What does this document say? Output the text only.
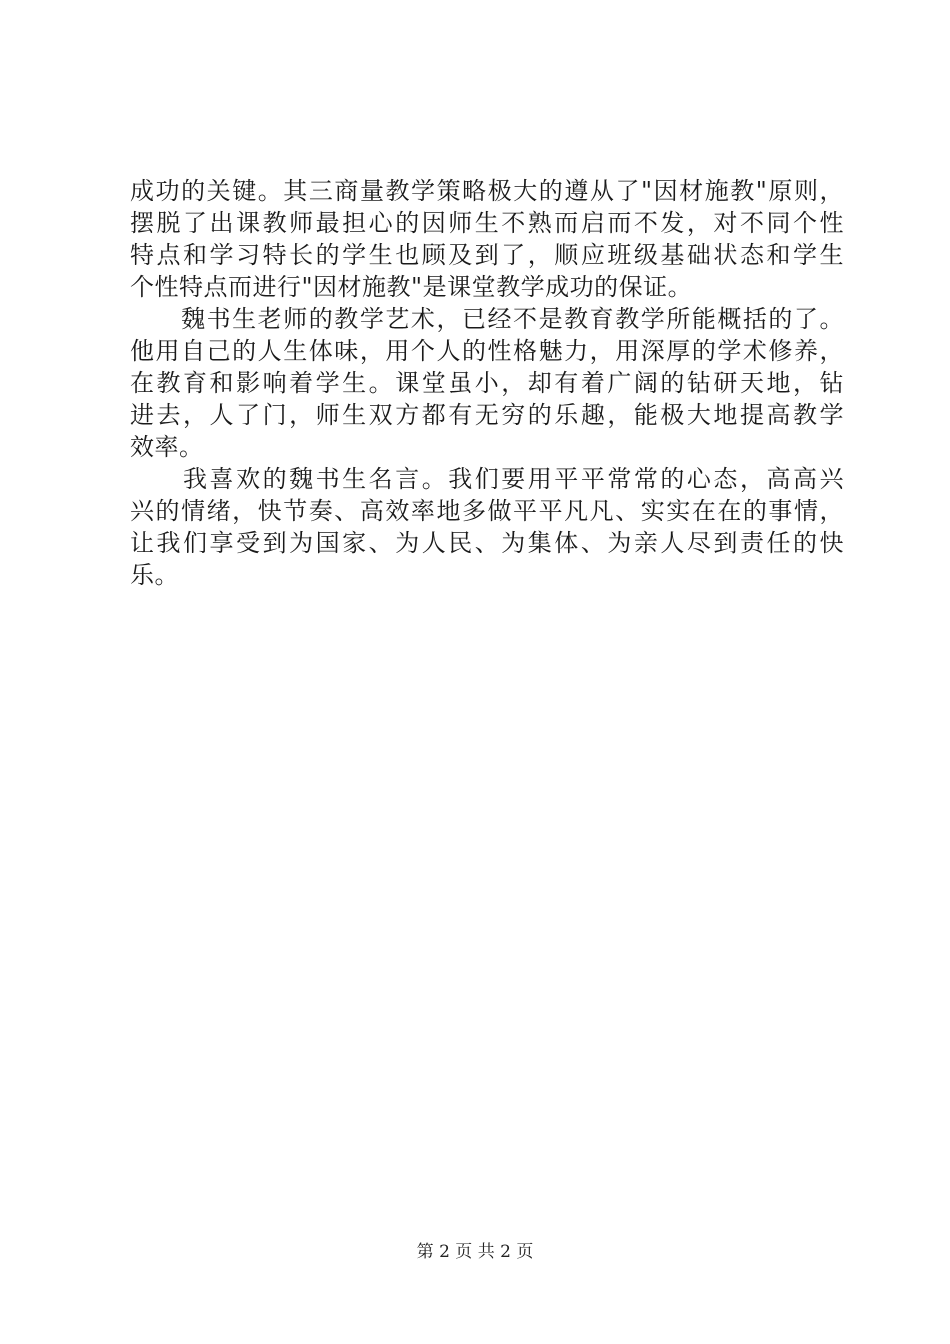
成功的关键。其三商量教学策略极大的遵从了"因材施教"原则，
摆脱了出课教师最担心的因师生不熟而启而不发，对不同个性
特点和学习特长的学生也顾及到了，顺应班级基础状态和学生
个性特点而进行"因材施教"是课堂教学成功的保证。
　　魏书生老师的教学艺术，已经不是教育教学所能概括的了。
他用自己的人生体味，用个人的性格魅力，用深厚的学术修养，
在教育和影响着学生。课堂虽小，却有着广阔的钻研天地，钻
进去，人了门，师生双方都有无穷的乐趣，能极大地提高教学
效率。
　　我喜欢的魏书生名言。我们要用平平常常的心态，高高兴
兴的情绪，快节奏、高效率地多做平平凡凡、实实在在的事情，
让我们享受到为国家、为人民、为集体、为亲人尽到责任的快
乐。
第 2 页 共 2 页
